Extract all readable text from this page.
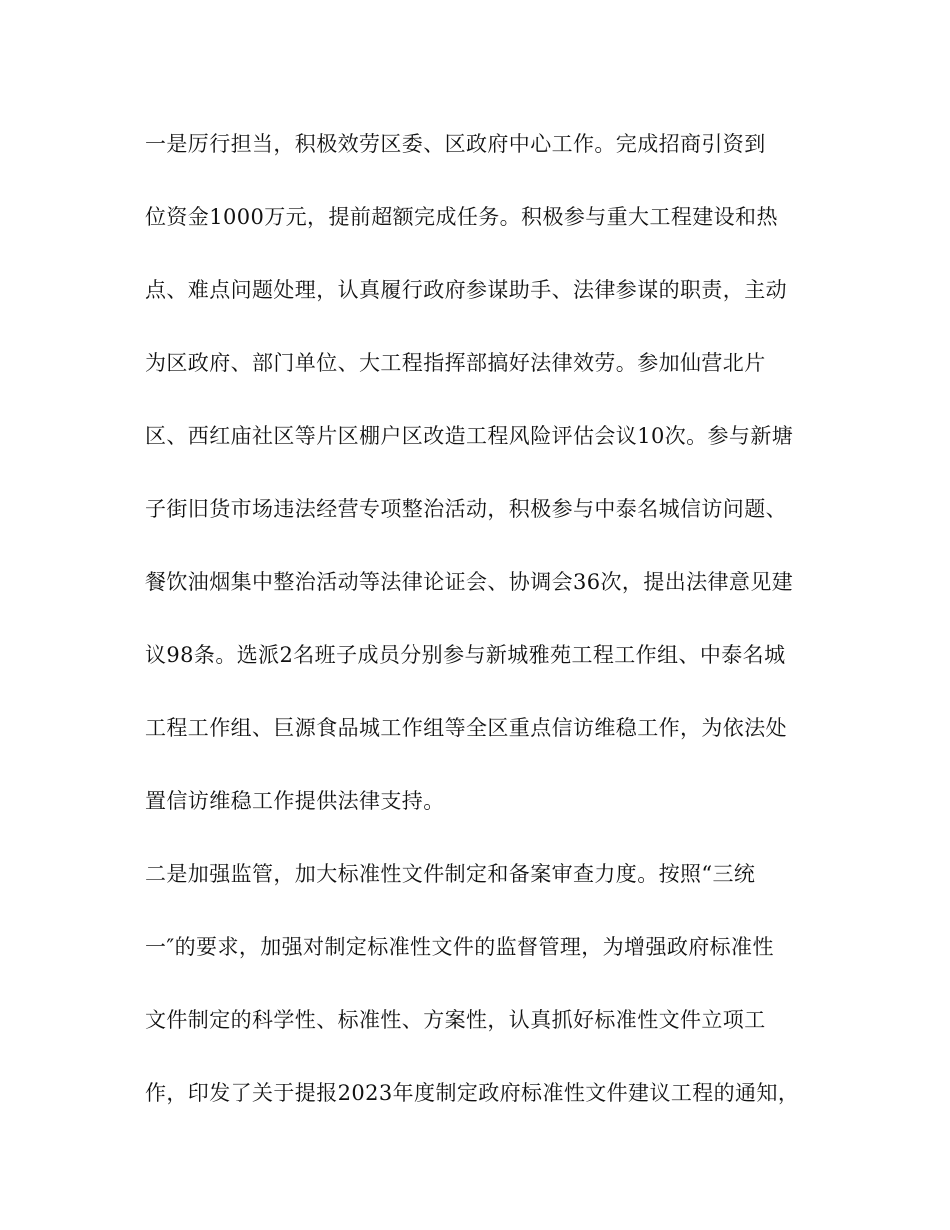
一是厉行担当，积极效劳区委、区政府中心工作。完成招商引资到
位资金1000万元，提前超额完成任务。积极参与重大工程建设和热
点、难点问题处理，认真履行政府参谋助手、法律参谋的职责，主动
为区政府、部门单位、大工程指挥部搞好法律效劳。参加仙营北片
区、西红庙社区等片区棚户区改造工程风险评估会议10次。参与新塘
子街旧货市场违法经营专项整治活动，积极参与中泰名城信访问题、
餐饮油烟集中整治活动等法律论证会、协调会36次，提出法律意见建
议98条。选派2名班子成员分别参与新城雅苑工程工作组、中泰名城
工程工作组、巨源食品城工作组等全区重点信访维稳工作，为依法处
置信访维稳工作提供法律支持。
二是加强监管，加大标准性文件制定和备案审查力度。按照“三统
一″的要求，加强对制定标准性文件的监督管理，为增强政府标准性
文件制定的科学性、标准性、方案性，认真抓好标准性文件立项工
作，印发了关于提报2023年度制定政府标准性文件建议工程的通知，
